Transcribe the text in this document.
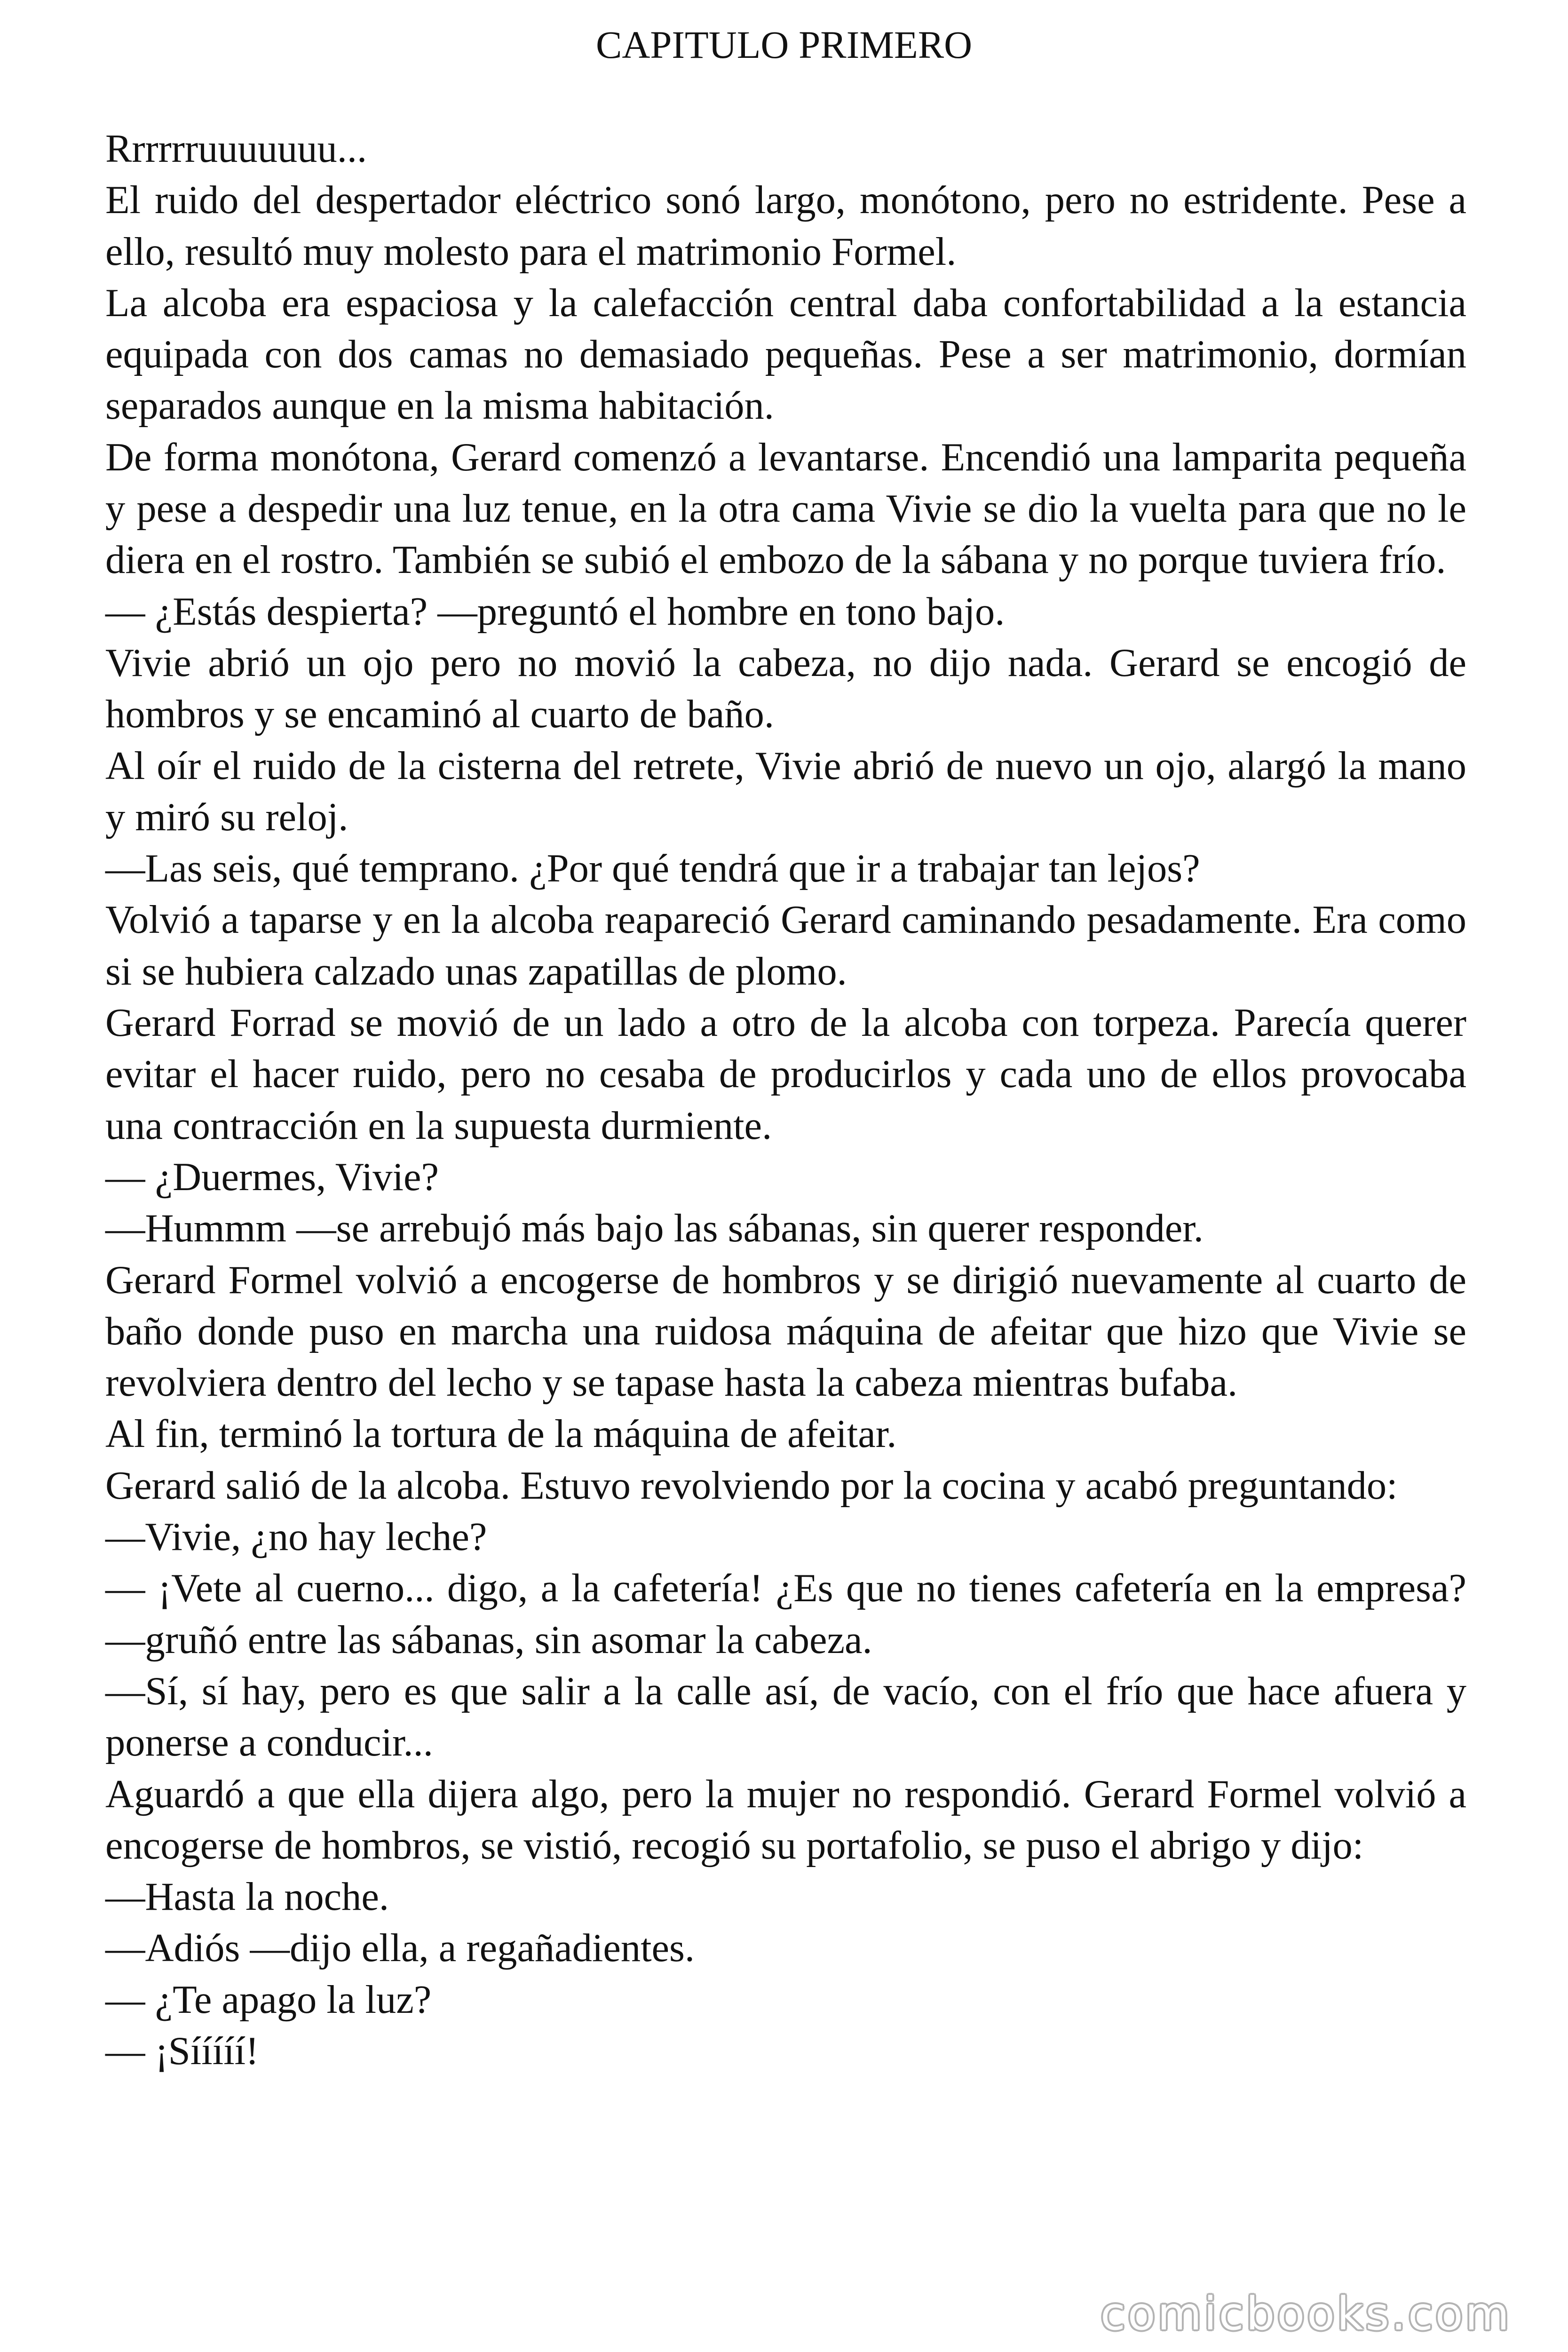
CAPITULO PRIMERO

Rrrrrruuuuuuu...

El ruido del despertador eléctrico sonó largo, monótono, pero no estridente. Pese a ello, resultó muy molesto para el matrimonio Formel.

La alcoba era espaciosa y la calefacción central daba confortabilidad a la estancia equipada con dos camas no demasiado pequeñas. Pese a ser matrimonio, dormían separados aunque en la misma habitación.

De forma monótona, Gerard comenzó a levantarse. Encendió una lamparita pequeña y pese a despedir una luz tenue, en la otra cama Vivie se dio la vuelta para que no le diera en el rostro. También se subió el embozo de la sábana y no porque tuviera frío.

— ¿Estás despierta? —preguntó el hombre en tono bajo.

Vivie abrió un ojo pero no movió la cabeza, no dijo nada. Gerard se encogió de hombros y se encaminó al cuarto de baño.

Al oír el ruido de la cisterna del retrete, Vivie abrió de nuevo un ojo, alargó la mano y miró su reloj.

—Las seis, qué temprano. ¿Por qué tendrá que ir a trabajar tan lejos?

Volvió a taparse y en la alcoba reapareció Gerard caminando pesadamente. Era como si se hubiera calzado unas zapatillas de plomo.

Gerard Forrad se movió de un lado a otro de la alcoba con torpeza. Parecía querer evitar el hacer ruido, pero no cesaba de producirlos y cada uno de ellos provocaba una contracción en la supuesta durmiente.

— ¿Duermes, Vivie?

—Hummm —se arrebujó más bajo las sábanas, sin querer responder.

Gerard Formel volvió a encogerse de hombros y se dirigió nuevamente al cuarto de baño donde puso en marcha una ruidosa máquina de afeitar que hizo que Vivie se revolviera dentro del lecho y se tapase hasta la cabeza mientras bufaba.

Al fin, terminó la tortura de la máquina de afeitar.

Gerard salió de la alcoba. Estuvo revolviendo por la cocina y acabó preguntando:

—Vivie, ¿no hay leche?

— ¡Vete al cuerno... digo, a la cafetería! ¿Es que no tienes cafetería en la empresa? —gruñó entre las sábanas, sin asomar la cabeza.

—Sí, sí hay, pero es que salir a la calle así, de vacío, con el frío que hace afuera y ponerse a conducir...

Aguardó a que ella dijera algo, pero la mujer no respondió. Gerard Formel volvió a encogerse de hombros, se vistió, recogió su portafolio, se puso el abrigo y dijo:

—Hasta la noche.

—Adiós —dijo ella, a regañadientes.

— ¿Te apago la luz?

— ¡Sííííí!

comicbooks.com
